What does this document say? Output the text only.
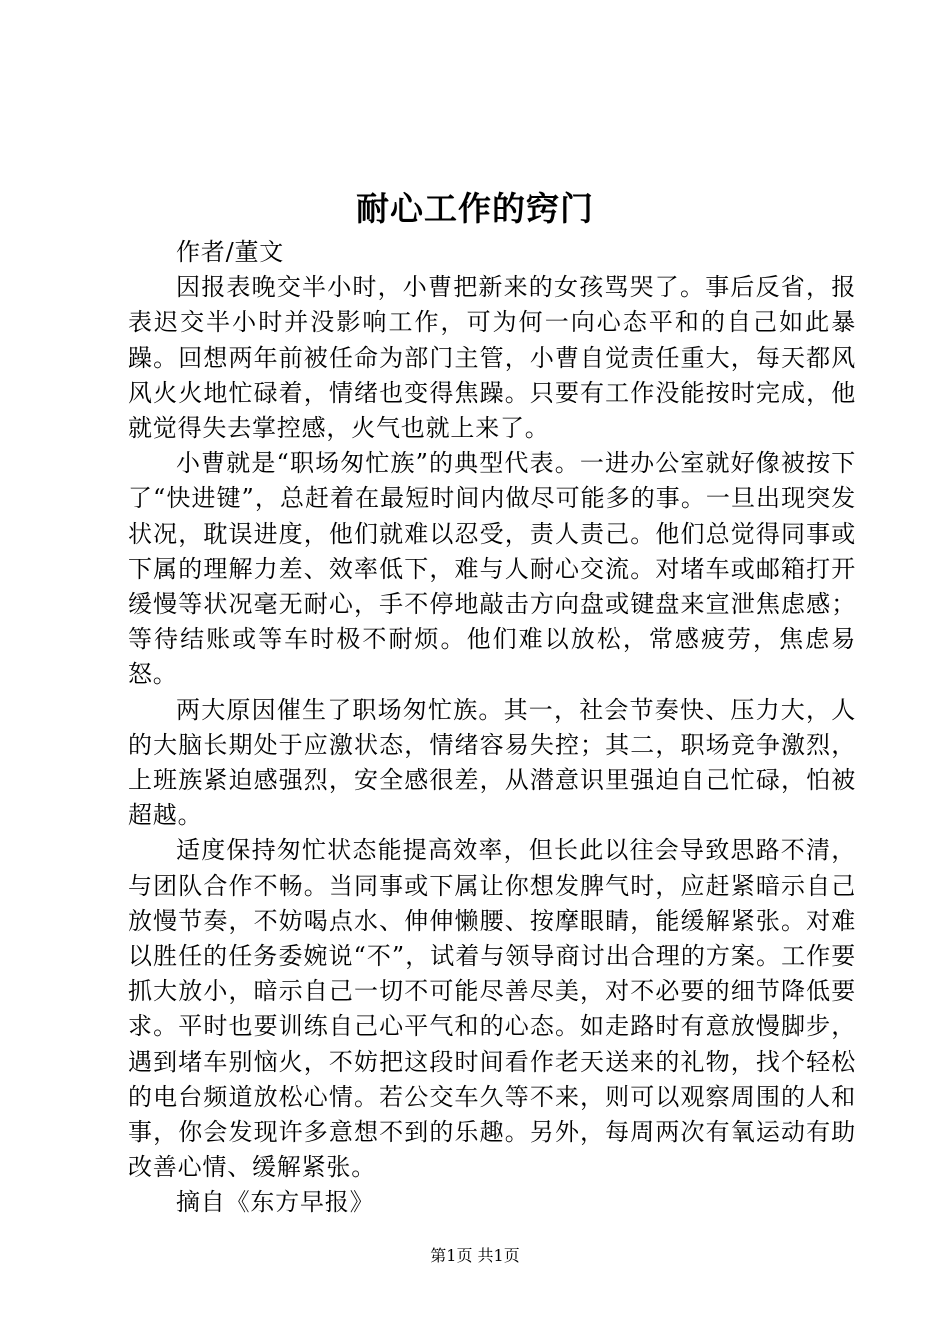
耐心工作的窍门

作者/董文

因报表晚交半小时，小曹把新来的女孩骂哭了。事后反省，报表迟交半小时并没影响工作，可为何一向心态平和的自己如此暴躁。回想两年前被任命为部门主管，小曹自觉责任重大，每天都风风火火地忙碌着，情绪也变得焦躁。只要有工作没能按时完成，他就觉得失去掌控感，火气也就上来了。

小曹就是“职场匆忙族”的典型代表。一进办公室就好像被按下了“快进键”，总赶着在最短时间内做尽可能多的事。一旦出现突发状况，耽误进度，他们就难以忍受，责人责己。他们总觉得同事或下属的理解力差、效率低下，难与人耐心交流。对堵车或邮箱打开缓慢等状况毫无耐心，手不停地敲击方向盘或键盘来宣泄焦虑感；等待结账或等车时极不耐烦。他们难以放松，常感疲劳，焦虑易怒。

两大原因催生了职场匆忙族。其一，社会节奏快、压力大，人的大脑长期处于应激状态，情绪容易失控；其二，职场竞争激烈，上班族紧迫感强烈，安全感很差，从潜意识里强迫自己忙碌，怕被超越。

适度保持匆忙状态能提高效率，但长此以往会导致思路不清，与团队合作不畅。当同事或下属让你想发脾气时，应赶紧暗示自己放慢节奏，不妨喝点水、伸伸懒腰、按摩眼睛，能缓解紧张。对难以胜任的任务委婉说“不”，试着与领导商讨出合理的方案。工作要抓大放小，暗示自己一切不可能尽善尽美，对不必要的细节降低要求。平时也要训练自己心平气和的心态。如走路时有意放慢脚步，遇到堵车别恼火，不妨把这段时间看作老天送来的礼物，找个轻松的电台频道放松心情。若公交车久等不来，则可以观察周围的人和事，你会发现许多意想不到的乐趣。另外，每周两次有氧运动有助改善心情、缓解紧张。

摘自《东方早报》

第1页 共1页
